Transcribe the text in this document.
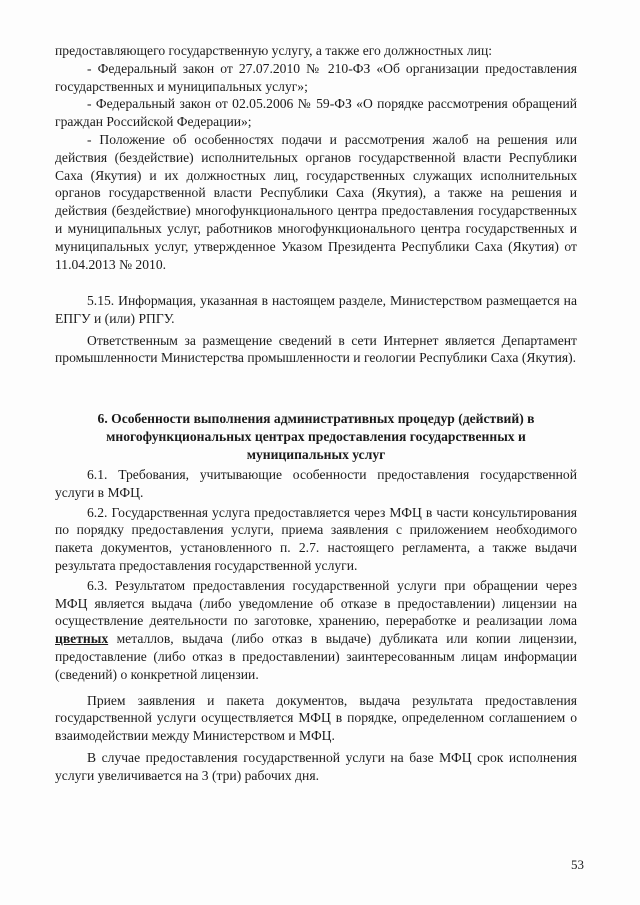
предоставляющего государственную услугу, а также его должностных лиц:

- Федеральный закон от 27.07.2010 № 210-ФЗ «Об организации предоставления государственных и муниципальных услуг»;

- Федеральный закон от 02.05.2006 № 59-ФЗ «О порядке рассмотрения обращений граждан Российской Федерации»;

- Положение об особенностях подачи и рассмотрения жалоб на решения или действия (бездействие) исполнительных органов государственной власти Республики Саха (Якутия) и их должностных лиц, государственных служащих исполнительных органов государственной власти Республики Саха (Якутия), а также на решения и действия (бездействие) многофункционального центра предоставления государственных и муниципальных услуг, работников многофункционального центра государственных и муниципальных услуг, утвержденное Указом Президента Республики Саха (Якутия) от 11.04.2013 № 2010.

5.15. Информация, указанная в настоящем разделе, Министерством размещается на ЕПГУ и (или) РПГУ.

Ответственным за размещение сведений в сети Интернет является Департамент промышленности Министерства промышленности и геологии Республики Саха (Якутия).

6. Особенности выполнения административных процедур (действий) в многофункциональных центрах предоставления государственных и муниципальных услуг

6.1. Требования, учитывающие особенности предоставления государственной услуги в МФЦ.

6.2. Государственная услуга предоставляется через МФЦ в части консультирования по порядку предоставления услуги, приема заявления с приложением необходимого пакета документов, установленного п. 2.7. настоящего регламента, а также выдачи результата предоставления государственной услуги.

6.3. Результатом предоставления государственной услуги при обращении через МФЦ является выдача (либо уведомление об отказе в предоставлении) лицензии на осуществление деятельности по заготовке, хранению, переработке и реализации лома цветных металлов, выдача (либо отказ в выдаче) дубликата или копии лицензии, предоставление (либо отказ в предоставлении) заинтересованным лицам информации (сведений) о конкретной лицензии.

Прием заявления и пакета документов, выдача результата предоставления государственной услуги осуществляется МФЦ в порядке, определенном соглашением о взаимодействии между Министерством и МФЦ.

В случае предоставления государственной услуги на базе МФЦ срок исполнения услуги увеличивается на 3 (три) рабочих дня.

53
